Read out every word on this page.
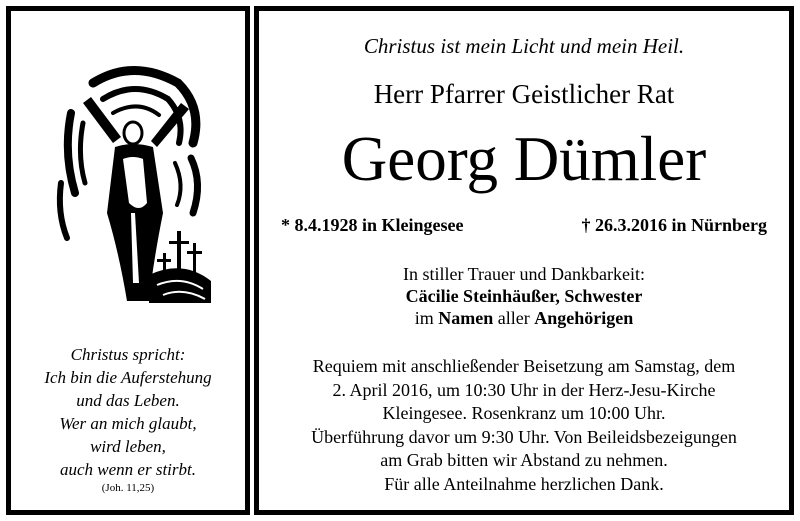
Christus spricht:
Ich bin die Auferstehung
und das Leben.
Wer an mich glaubt,
wird leben,
auch wenn er stirbt.
(Joh. 11,25)
Christus ist mein Licht und mein Heil.
Herr Pfarrer Geistlicher Rat
Georg Dümler
* 8.4.1928 in Kleingesee	† 26.3.2016 in Nürnberg
In stiller Trauer und Dankbarkeit:
Cäcilie Steinhäußer, Schwester
im Namen aller Angehörigen
Requiem mit anschließender Beisetzung am Samstag, dem
2. April 2016, um 10:30 Uhr in der Herz-Jesu-Kirche
Kleingesee. Rosenkranz um 10:00 Uhr.
Überführung davor um 9:30 Uhr. Von Beileidsbezeigungen
am Grab bitten wir Abstand zu nehmen.
Für alle Anteilnahme herzlichen Dank.
